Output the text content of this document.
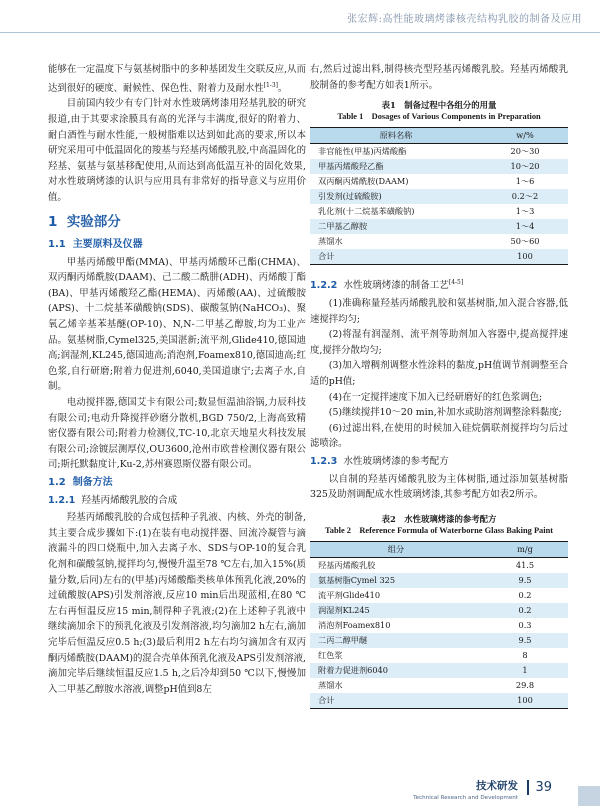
张宏辉:高性能玻璃烤漆核壳结构乳胶的制备及应用

能够在一定温度下与氨基树脂中的多种基团发生交联反应,从而达到很好的硬度、耐候性、保色性、附着力及耐水性[1-3]。

目前国内较少有专门针对水性玻璃烤漆用羟基乳胶的研究报道,由于其要求涂膜具有高的光泽与丰满度,很好的附着力、耐白酒性与耐水性能,一般树脂难以达到如此高的要求,所以本研究采用可中低温固化的羧基与羟基丙烯酸乳胶,中高温固化的羟基、氨基与氨基移配使用,从而达到高低温互补的固化效果,对水性玻璃烤漆的认识与应用具有非常好的指导意义与应用价值。

1 实验部分
1.1 主要原料及仪器

甲基丙烯酸甲酯(MMA)、甲基丙烯酸环己酯(CHMA)、双丙酮丙烯酰胺(DAAM)、己二酸二酰肼(ADH)、丙烯酸丁酯(BA)、甲基丙烯酸羟乙酯(HEMA)、丙烯酸(AA)、过硫酸胺(APS)、十二烷基苯磺酸钠(SDS)、碳酸氢钠(NaHCO₃)、聚氧乙烯辛基苯基醚(OP-10)、N,N-二甲基乙醇胺,均为工业产品。氨基树脂,Cymel325,美国湛新;流平剂,Glide410,德国迪高;润湿剂,KL245,德国迪高;消泡剂,Foamex810,德国迪高;红色浆,自行研磨;附着力促进剂,6040,美国道康宁;去离子水,自制。

电动搅拌器,德国艾卡有限公司;数显恒温油浴锅,力辰科技有限公司;电动升降搅拌砂磨分散机,BGD 750/2,上海高致精密仪器有限公司;附着力检测仪,TC-10,北京天地星火科技发展有限公司;涂镀层测厚仪,OU3600,沧州市欧普检测仪器有限公司;斯托默黏度计,Ku-2,苏州赛恩斯仪器有限公司。

1.2 制备方法
1.2.1 羟基丙烯酸乳胶的合成

羟基丙烯酸乳胶的合成包括种子乳液、内核、外壳的制备,其主要合成步骤如下:(1)在装有电动搅拌器、回流冷凝管与滴液漏斗的四口烧瓶中,加入去离子水、SDS与OP-10的复合乳化剂和碳酸氢钠,搅拌均匀,慢慢升温至78 ℃左右,加入15%(质量分数,后同)左右的(甲基)丙烯酸酯类核单体预乳化液,20%的过硫酸胺(APS)引发剂溶液,反应10 min后出现蓝相,在80 ℃左右再恒温反应15 min,制得种子乳液;(2)在上述种子乳液中继续滴加余下的预乳化液及引发剂溶液,均匀滴加2 h左右,滴加完毕后恒温反应0.5 h;(3)最后利用2 h左右均匀滴加含有双丙酮丙烯酰胺(DAAM)的混合壳单体预乳化液及APS引发剂溶液,滴加完毕后继续恒温反应1.5 h,之后冷却到50 ℃以下,慢慢加入二甲基乙醇胺水溶液,调整pH值到8左

右,然后过滤出料,制得核壳型羟基丙烯酸乳胶。羟基丙烯酸乳胶制备的参考配方如表1所示。

表1　制备过程中各组分的用量
Table 1　Dosages of Various Components in Preparation
原料名称	w/%
非官能性(甲基)丙烯酸酯	20～30
甲基丙烯酸羟乙酯	10～20
双丙酮丙烯酰胺(DAAM)	1～6
引发剂(过硫酸胺)	0.2～2
乳化剂(十二烷基苯磺酸钠)	1～3
二甲基乙醇胺	1～4
蒸馏水	50～60
合计	100
1.2.2 水性玻璃烤漆的制备工艺[4-5]

(1)准确称量羟基丙烯酸乳胶和氨基树脂,加入混合容器,低速搅拌均匀;

(2)将湿有润湿剂、流平剂等助剂加入容器中,提高搅拌速度,搅拌分散均匀;

(3)加入增稠剂调整水性涂料的黏度,pH值调节剂调整至合适的pH值;

(4)在一定搅拌速度下加入已经研磨好的红色浆调色;

(5)继续搅拌10～20 min,补加水或助溶剂调整涂料黏度;

(6)过滤出料,在使用的时候加入硅烷偶联剂搅拌均匀后过滤喷涂。

1.2.3 水性玻璃烤漆的参考配方

以自制的羟基丙烯酸乳胶为主体树脂,通过添加氨基树脂325及助剂调配成水性玻璃烤漆,其参考配方如表2所示。

表2　水性玻璃烤漆的参考配方
Table 2　Reference Formula of Waterborne Glass Baking Paint
组分	m/g
羟基丙烯酸乳胶	41.5
氨基树脂Cymel 325	9.5
流平剂Glide410	0.2
润湿剂KL245	0.2
消泡剂Foamex810	0.3
二丙二醇甲醚	9.5
红色浆	8
附着力促进剂6040	1
蒸馏水	29.8
合计	100
技术研发
Technical Research and Development
39
